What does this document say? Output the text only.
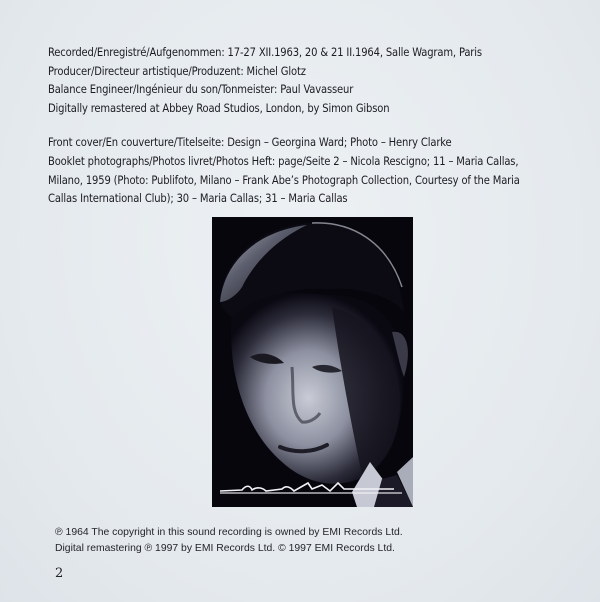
Recorded/Enregistré/Aufgenommen: 17-27 XII.1963, 20 & 21 II.1964, Salle Wagram, Paris
Producer/Directeur artistique/Produzent: Michel Glotz
Balance Engineer/Ingénieur du son/Tonmeister: Paul Vavasseur
Digitally remastered at Abbey Road Studios, London, by Simon Gibson
Front cover/En couverture/Titelseite: Design – Georgina Ward; Photo – Henry Clarke
Booklet photographs/Photos livret/Photos Heft: page/Seite 2 – Nicola Rescigno; 11 – Maria Callas,
Milano, 1959 (Photo: Publifoto, Milano – Frank Abe’s Photograph Collection, Courtesy of the Maria
Callas International Club); 30 – Maria Callas; 31 – Maria Callas
℗ 1964 The copyright in this sound recording is owned by EMI Records Ltd.
Digital remastering ℗ 1997 by EMI Records Ltd. © 1997 EMI Records Ltd.
2
